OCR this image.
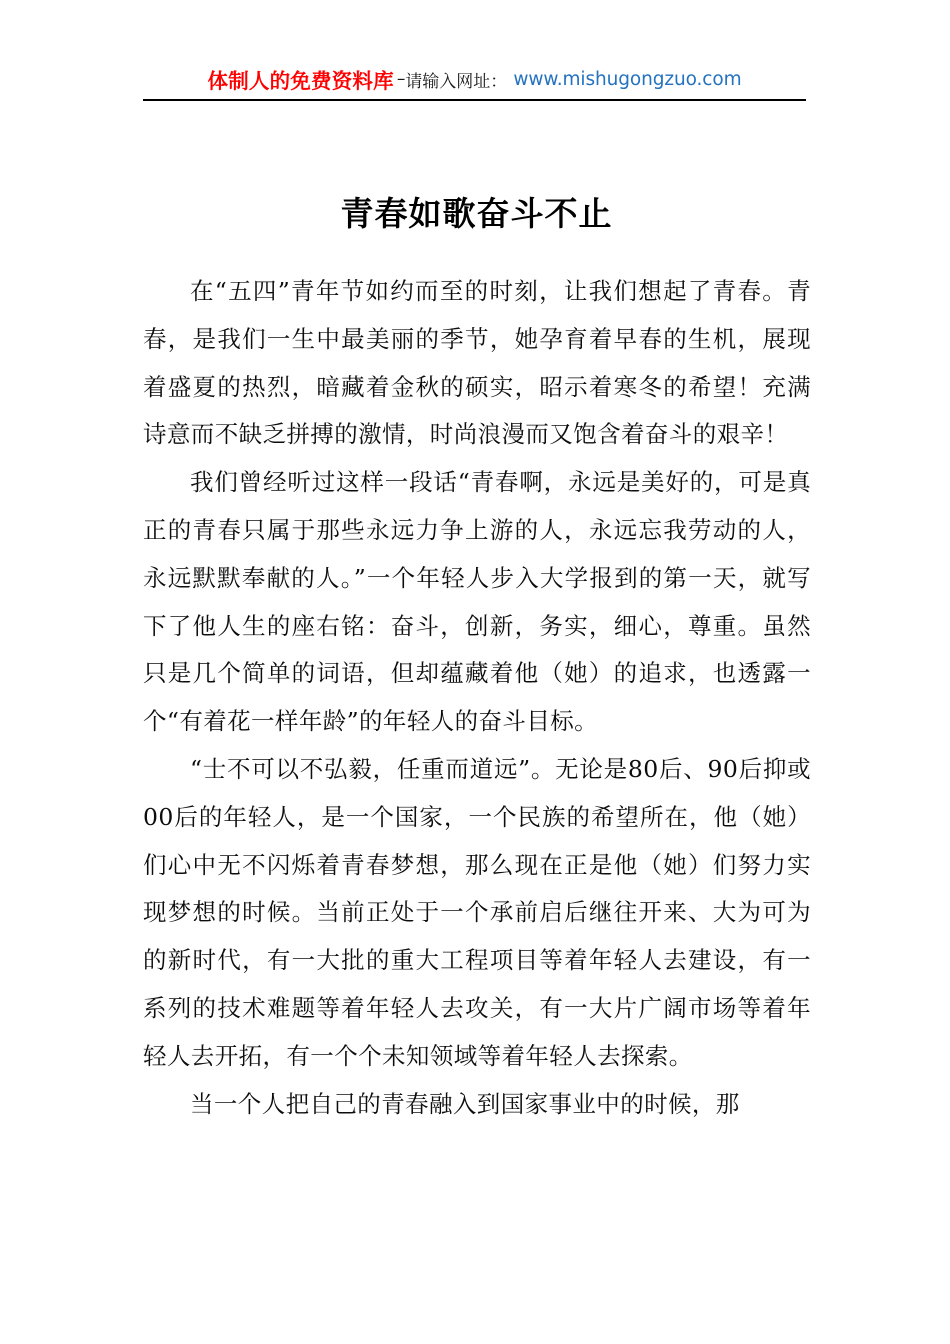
体制人的免费资料库 – 请输入网址： www.mishugongzuo.com
青春如歌奋斗不止

在“五四”青年节如约而至的时刻，让我们想起了青春。青春，是我们一生中最美丽的季节，她孕育着早春的生机，展现着盛夏的热烈，暗藏着金秋的硕实，昭示着寒冬的希望！充满诗意而不缺乏拼搏的激情，时尚浪漫而又饱含着奋斗的艰辛！

我们曾经听过这样一段话“青春啊，永远是美好的，可是真正的青春只属于那些永远力争上游的人，永远忘我劳动的人，永远默默奉献的人。”一个年轻人步入大学报到的第一天，就写下了他人生的座右铭：奋斗，创新，务实，细心，尊重。虽然只是几个简单的词语，但却蕴藏着他（她）的追求，也透露一个“有着花一样年龄”的年轻人的奋斗目标。

“士不可以不弘毅，任重而道远”。无论是80后、90后抑或00后的年轻人，是一个国家，一个民族的希望所在，他（她）们心中无不闪烁着青春梦想，那么现在正是他（她）们努力实现梦想的时候。当前正处于一个承前启后继往开来、大为可为的新时代，有一大批的重大工程项目等着年轻人去建设，有一系列的技术难题等着年轻人去攻关，有一大片广阔市场等着年轻人去开拓，有一个个未知领域等着年轻人去探索。

当一个人把自己的青春融入到国家事业中的时候，那
